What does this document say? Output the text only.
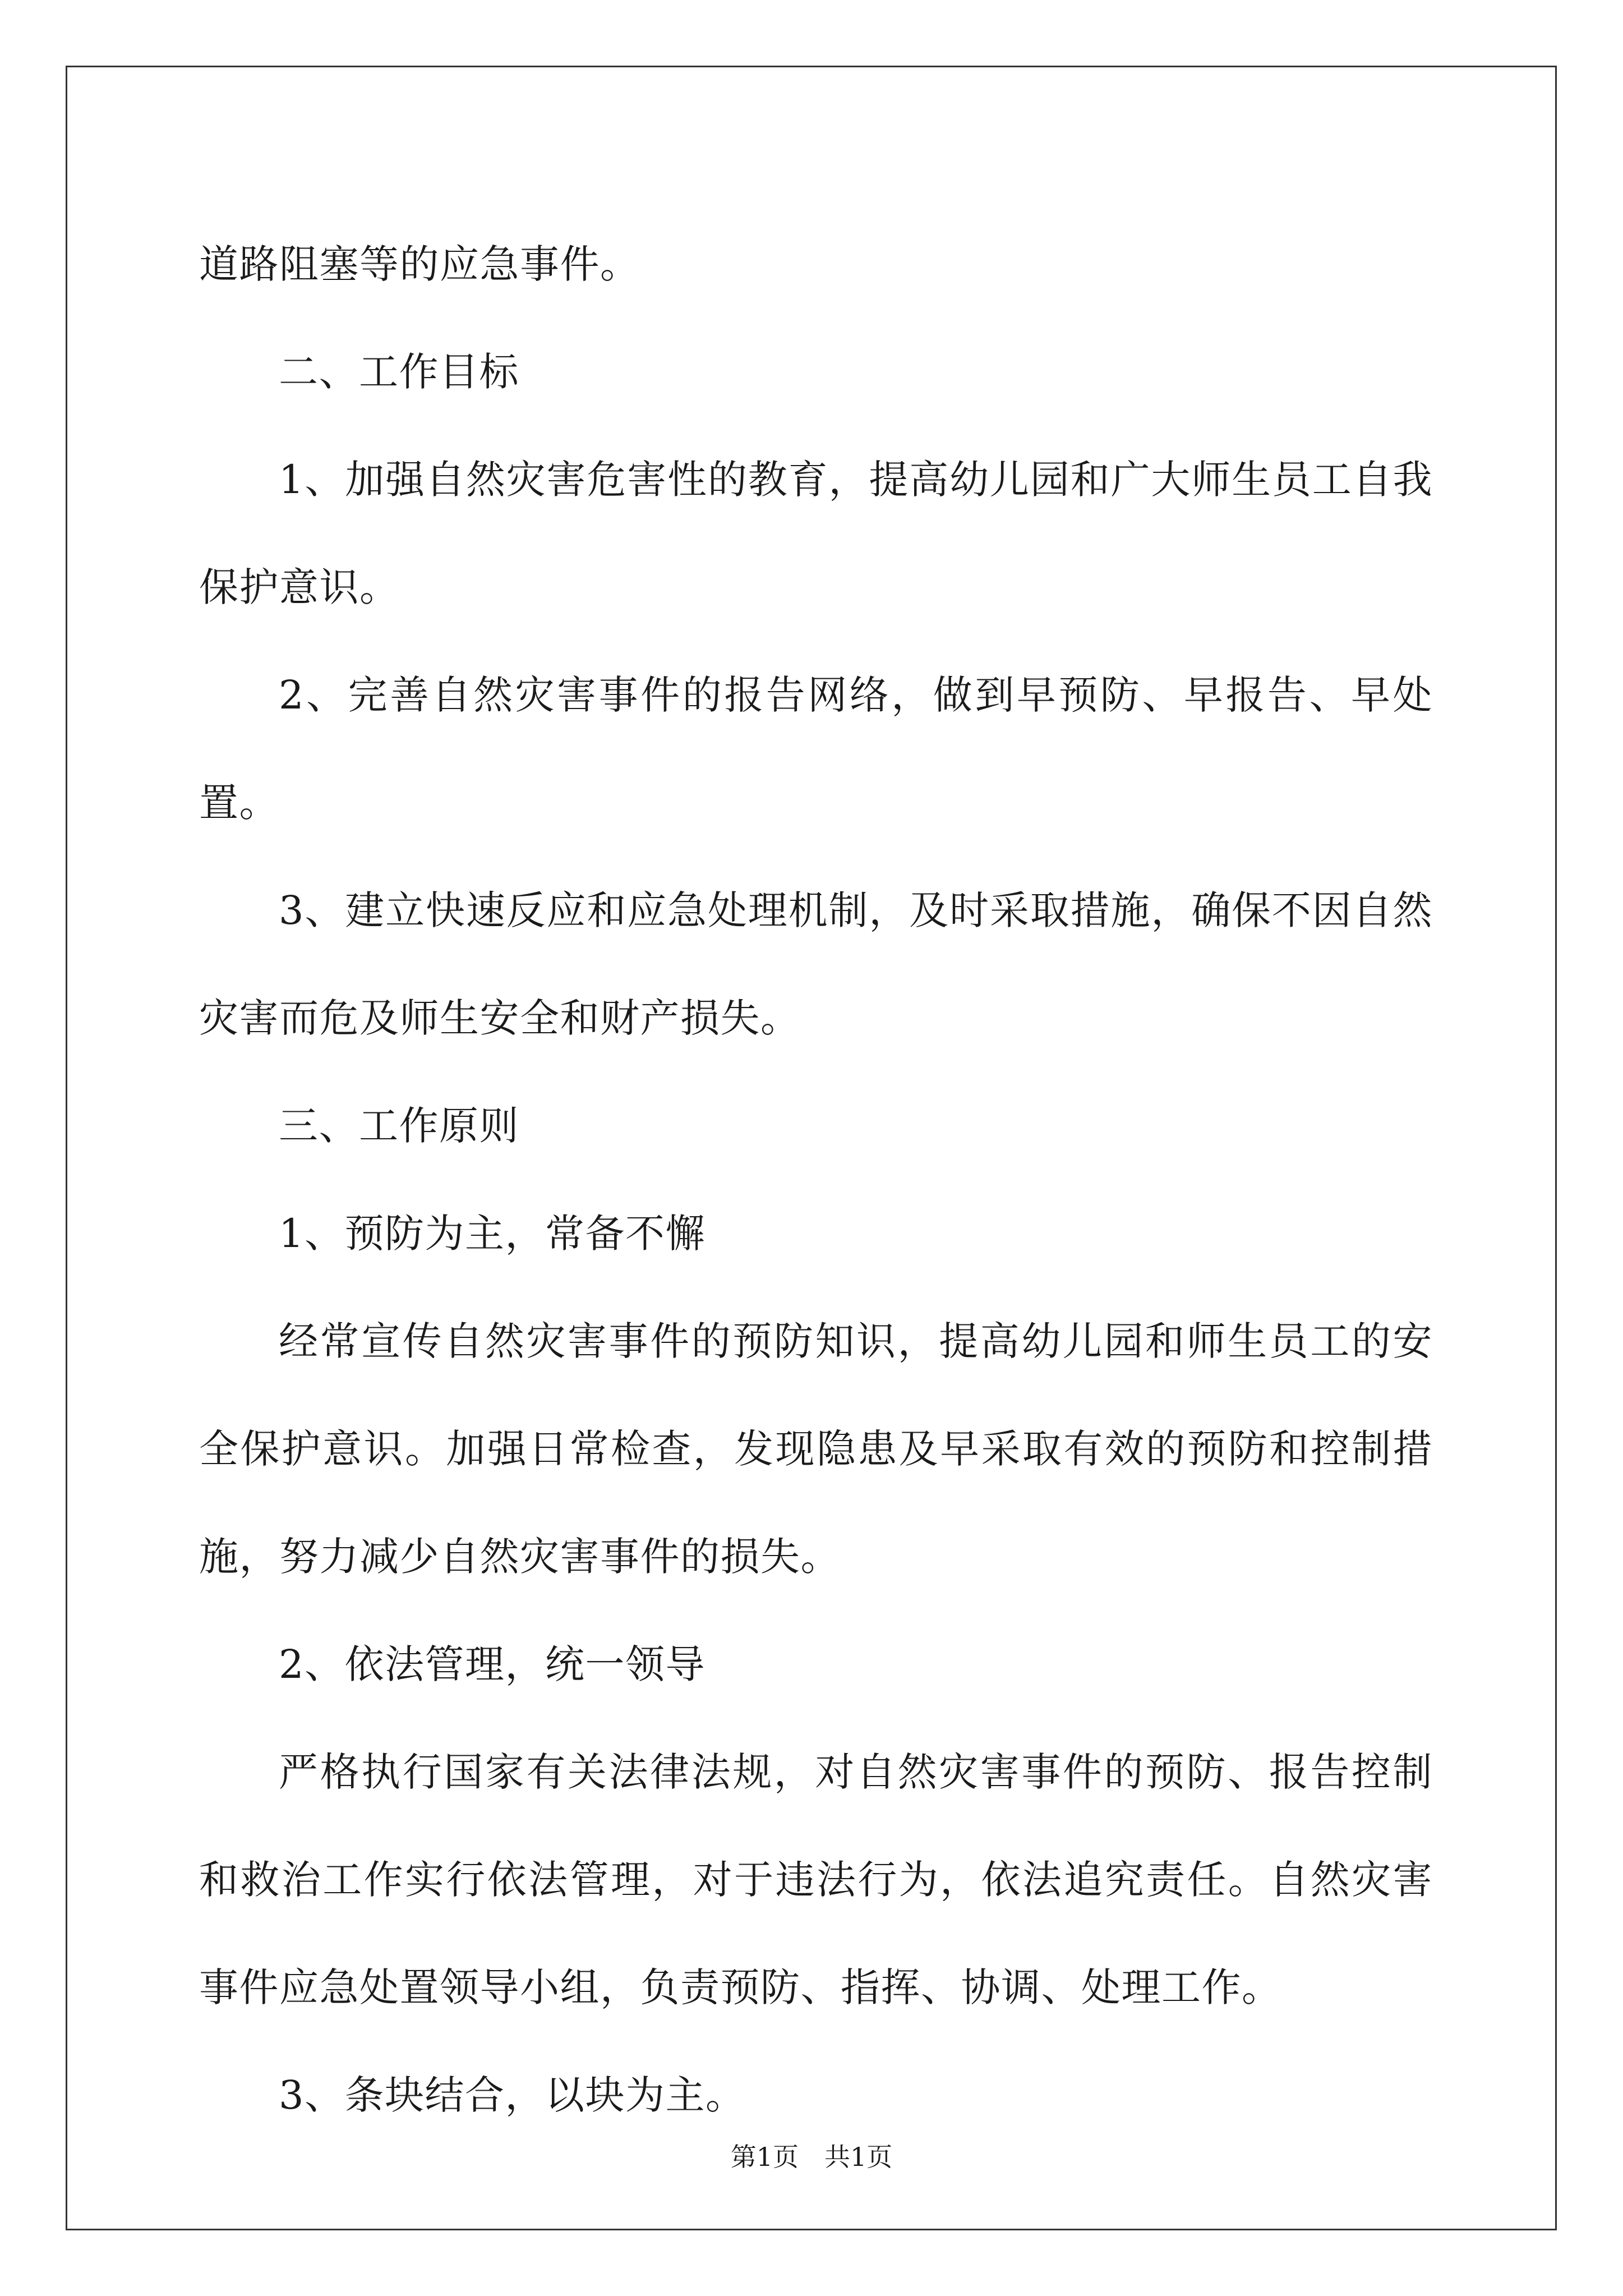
道路阻塞等的应急事件。

二、工作目标

1、加强自然灾害危害性的教育，提高幼儿园和广大师生员工自我保护意识。

2、完善自然灾害事件的报告网络，做到早预防、早报告、早处置。

3、建立快速反应和应急处理机制，及时采取措施，确保不因自然灾害而危及师生安全和财产损失。

三、工作原则

1、预防为主，常备不懈

经常宣传自然灾害事件的预防知识，提高幼儿园和师生员工的安全保护意识。加强日常检查，发现隐患及早采取有效的预防和控制措施，努力减少自然灾害事件的损失。

2、依法管理，统一领导

严格执行国家有关法律法规，对自然灾害事件的预防、报告控制和救治工作实行依法管理，对于违法行为，依法追究责任。自然灾害事件应急处置领导小组，负责预防、指挥、协调、处理工作。

3、条块结合，以块为主。

第1页　共1页
